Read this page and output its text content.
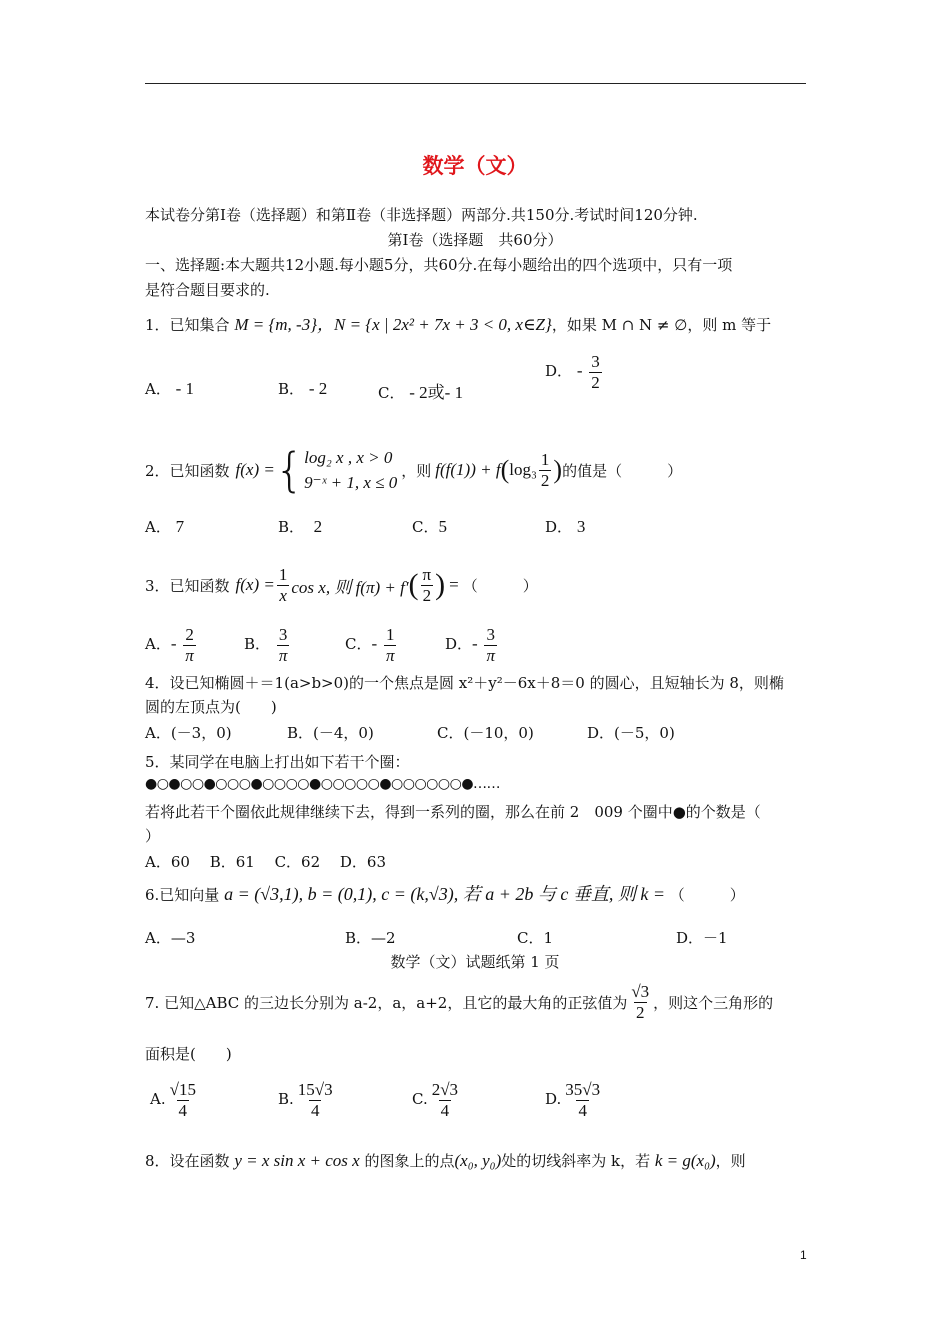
数学（文）
本试卷分第Ⅰ卷（选择题）和第Ⅱ卷（非选择题）两部分.共150分.考试时间120分钟.
第Ⅰ卷（选择题　共60分）
一、选择题:本大题共12小题.每小题5分，共60分.在每小题给出的四个选项中，只有一项
是符合题目要求的.
1．已知集合 M = {m, -3}，N = {x | 2x² + 7x + 3 < 0, x∈Z}，如果 M ∩ N ≠ ∅，则 m 等于
A． - 1	B． - 2	C． - 2或- 1
D． - $\frac{3}{2}$
2．已知函数 f(x) = { log₂ x , x > 0
9⁻ˣ + 1, x ≤ 0
，则 f(f(1)) + f ( $\log_3 \frac{1}{2}$ ) 的值是（　　　）
A． 7	B． 2	C．5	D． 3
3．已知函数 $f(x) = \frac{1}{x}$ cos x, 则 f(π) + f′ ( $\frac{\pi}{2}$ ) = （　　　）
A．- $\frac{2}{\pi}$	B． $\frac{3}{\pi}$	C．- $\frac{1}{\pi}$	D．- $\frac{3}{\pi}$
4．设已知椭圆＋＝1(a>b>0)的一个焦点是圆 x²＋y²－6x＋8＝0 的圆心，且短轴长为 8，则椭
圆的左顶点为(　　)
A．(－3，0)	B．(－4，0)	C．(－10，0)	D．(－5，0)
5．某同学在电脑上打出如下若干个圈：
●○●○○●○○○●○○○○●○○○○○●○○○○○○●……
若将此若干个圈依此规律继续下去，得到一系列的圈，那么在前 2　009 个圈中●的个数是（
）
A．60　 B．61　 C．62　 D．63
6.已知向量 a = (√3,1), b = (0,1), c = (k,√3), 若 a + 2b 与 c 垂直, 则 k = （　　　）
A．—3	B．—2	C．1	D．－1
数学（文）试题纸第 1 页
7. 已知△ABC 的三边长分别为 a-2，a，a+2，且它的最大角的正弦值为 $\frac{√3}{2}$ ，则这个三角形的
面积是(　　)
A. $\frac{√15}{4}$	B. $\frac{15√3}{4}$	C. $\frac{2√3}{4}$	D. $\frac{35√3}{4}$
8．设在函数 y = x sin x + cos x 的图象上的点(x₀, y₀)处的切线斜率为 k，若 k = g(x₀)，则
1
